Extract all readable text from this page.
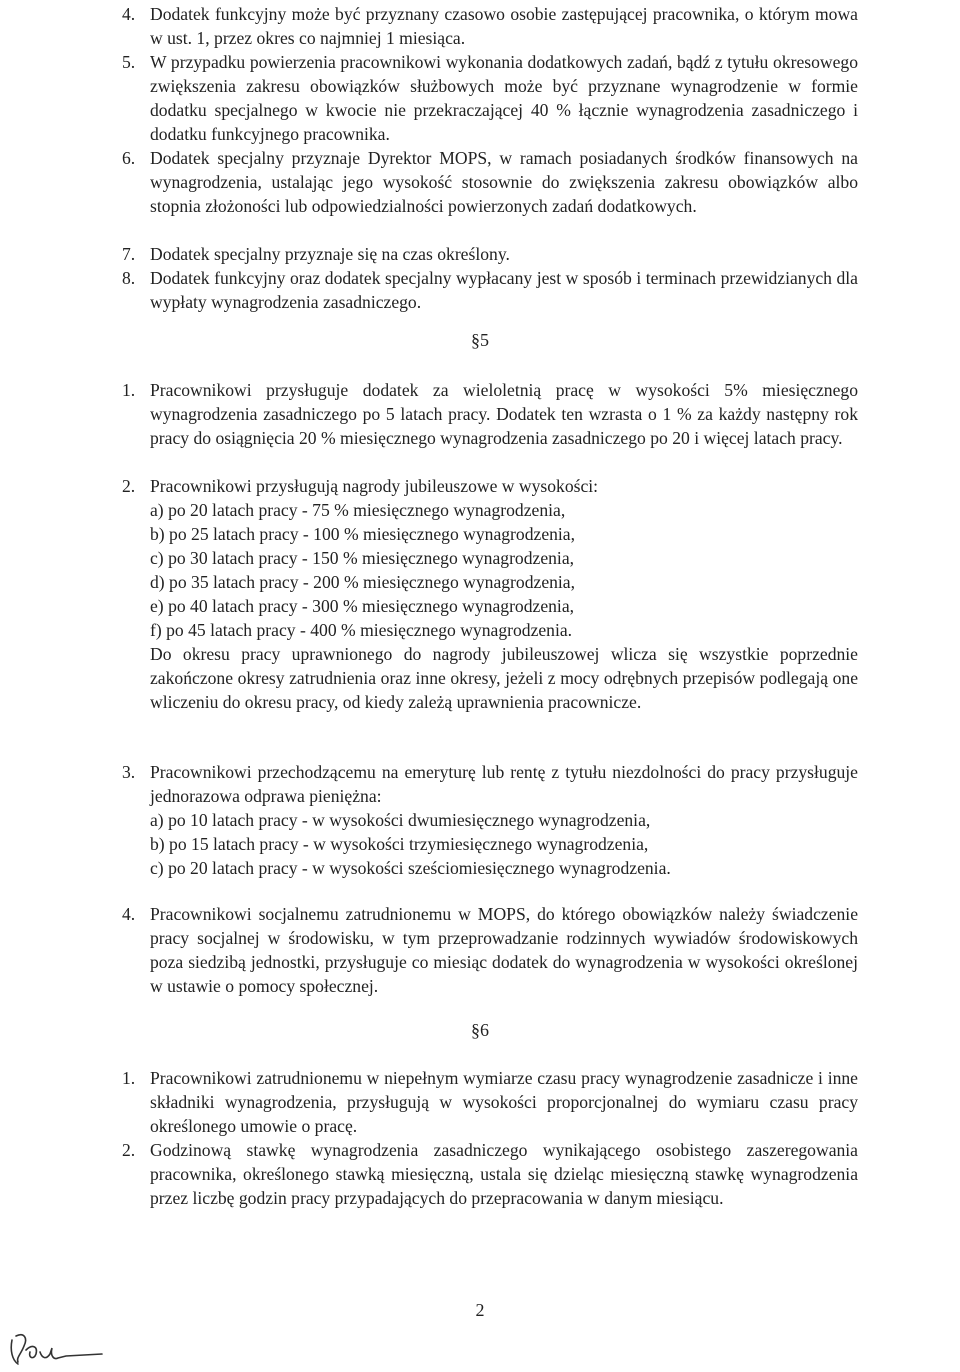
4. Dodatek funkcyjny może być przyznany czasowo osobie zastępującej pracownika, o którym mowa w ust. 1, przez okres co najmniej 1 miesiąca.

5. W przypadku powierzenia pracownikowi wykonania dodatkowych zadań, bądź z tytułu okresowego zwiększenia zakresu obowiązków służbowych może być przyznane wynagrodzenie w formie dodatku specjalnego w kwocie nie przekraczającej 40 % łącznie wynagrodzenia zasadniczego i dodatku funkcyjnego pracownika.

6. Dodatek specjalny przyznaje Dyrektor MOPS, w ramach posiadanych środków finansowych na wynagrodzenia, ustalając jego wysokość stosownie do zwiększenia zakresu obowiązków albo stopnia złożoności lub odpowiedzialności powierzonych zadań dodatkowych.

7. Dodatek specjalny przyznaje się na czas określony.

8. Dodatek funkcyjny oraz dodatek specjalny wypłacany jest w sposób i terminach przewidzianych dla wypłaty wynagrodzenia zasadniczego.

§5

1. Pracownikowi przysługuje dodatek za wieloletnią pracę w wysokości 5% miesięcznego wynagrodzenia zasadniczego po 5 latach pracy. Dodatek ten wzrasta o 1 % za każdy następny rok pracy do osiągnięcia 20 % miesięcznego wynagrodzenia zasadniczego po 20 i więcej latach pracy.

2. Pracownikowi przysługują nagrody jubileuszowe w wysokości:

a) po 20 latach pracy - 75 % miesięcznego wynagrodzenia,

b) po 25 latach pracy - 100 % miesięcznego wynagrodzenia,

c) po 30 latach pracy - 150 % miesięcznego wynagrodzenia,

d) po 35 latach pracy - 200 % miesięcznego wynagrodzenia,

e) po 40 latach pracy - 300 % miesięcznego wynagrodzenia,

f) po 45 latach pracy - 400 % miesięcznego wynagrodzenia.

Do okresu pracy uprawnionego do nagrody jubileuszowej wlicza się wszystkie poprzednie zakończone okresy zatrudnienia oraz inne okresy, jeżeli z mocy odrębnych przepisów podlegają one wliczeniu do okresu pracy, od kiedy zależą uprawnienia pracownicze.

3. Pracownikowi przechodzącemu na emeryturę lub rentę z tytułu niezdolności do pracy przysługuje jednorazowa odprawa pieniężna:

a) po 10 latach pracy - w wysokości dwumiesięcznego wynagrodzenia,

b) po 15 latach pracy - w wysokości trzymiesięcznego wynagrodzenia,

c) po 20 latach pracy - w wysokości sześciomiesięcznego wynagrodzenia.

4. Pracownikowi socjalnemu zatrudnionemu w MOPS, do którego obowiązków należy świadczenie pracy socjalnej w środowisku, w tym przeprowadzanie rodzinnych wywiadów środowiskowych poza siedzibą jednostki, przysługuje co miesiąc dodatek do wynagrodzenia w wysokości określonej w ustawie o pomocy społecznej.

§6

1. Pracownikowi zatrudnionemu w niepełnym wymiarze czasu pracy wynagrodzenie zasadnicze i inne składniki wynagrodzenia, przysługują w wysokości proporcjonalnej do wymiaru czasu pracy określonego umowie o pracę.

2. Godzinową stawkę wynagrodzenia zasadniczego wynikającego osobistego zaszeregowania pracownika, określonego stawką miesięczną, ustala się dzieląc miesięczną stawkę wynagrodzenia przez liczbę godzin pracy przypadających do przepracowania w danym miesiącu.

2
